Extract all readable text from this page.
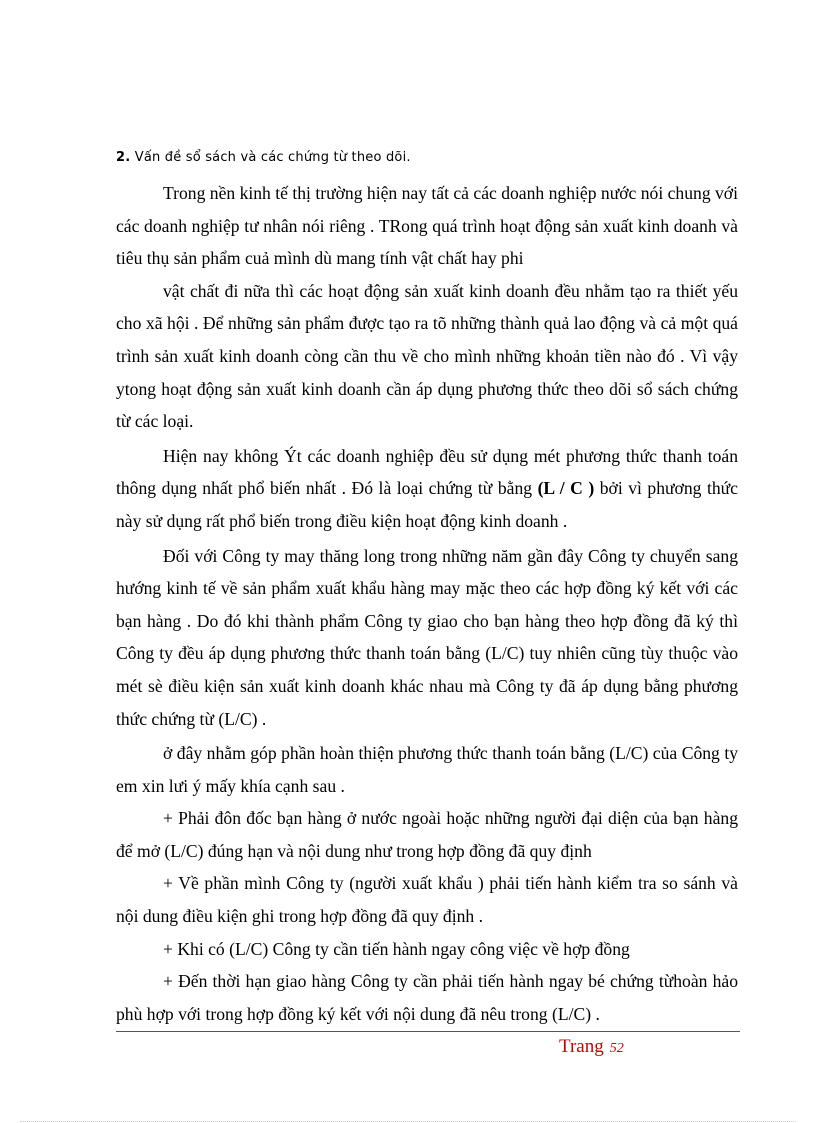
2. Vấn đề sổ sách và các chứng từ theo dõi.

Trong nền kinh tế thị trường hiện nay tất cả các doanh nghiệp nước nói chung với các doanh nghiệp tư nhân nói riêng . TRong quá trình hoạt động sản xuất kinh doanh và tiêu thụ sản phẩm cuả mình dù mang tính vật chất hay phi

vật chất đi nữa thì các hoạt động sản xuất kinh doanh đều nhằm tạo ra thiết yếu cho xã hội . Để những sản phẩm được tạo ra tõ những thành quả lao động và cả một quá trình sản xuất kinh doanh còng cần thu về cho mình những khoản tiền nào đó . Vì vậy ytong hoạt động sản xuất kinh doanh cần áp dụng phương thức theo dõi sổ sách chứng từ các loại.

Hiện nay không Ýt các doanh nghiệp đều sử dụng mét phương thức thanh toán thông dụng nhất phổ biến nhất . Đó là loại chứng từ bằng (L / C ) bởi vì phương thức này sử dụng rất phổ biến trong điều kiện hoạt động kinh doanh .

Đối với Công ty may thăng long trong những năm gần đây Công ty chuyển sang hướng kinh tế về sản phẩm xuất khẩu hàng may mặc theo các hợp đồng ký kết với các bạn hàng . Do đó khi thành phẩm Công ty giao cho bạn hàng theo hợp đồng đã ký thì Công ty đều áp dụng phương thức thanh toán bằng (L/C) tuy nhiên cũng tùy thuộc vào mét sè điều kiện sản xuất kinh doanh khác nhau mà Công ty đã áp dụng bằng phương thức chứng từ (L/C) .

ở đây nhằm góp phần hoàn thiện phương thức thanh toán bằng (L/C) của Công ty em xin lưi ý mấy khía cạnh sau .

+ Phải đôn đốc bạn hàng ở nước ngoài hoặc những người đại diện của bạn hàng để mở (L/C) đúng hạn và nội dung như trong hợp đồng đã quy định

+ Về phần mình Công ty (người xuất khẩu ) phải tiến hành kiểm tra so sánh và nội dung điều kiện ghi trong hợp đồng đã quy định .

+ Khi có (L/C) Công ty cần tiến hành ngay công việc về hợp đồng

+ Đến thời hạn giao hàng Công ty cần phải tiến hành ngay bé chứng từhoàn hảo phù hợp với trong hợp đồng ký kết với nội dung đã nêu trong (L/C) .

Trang 52
